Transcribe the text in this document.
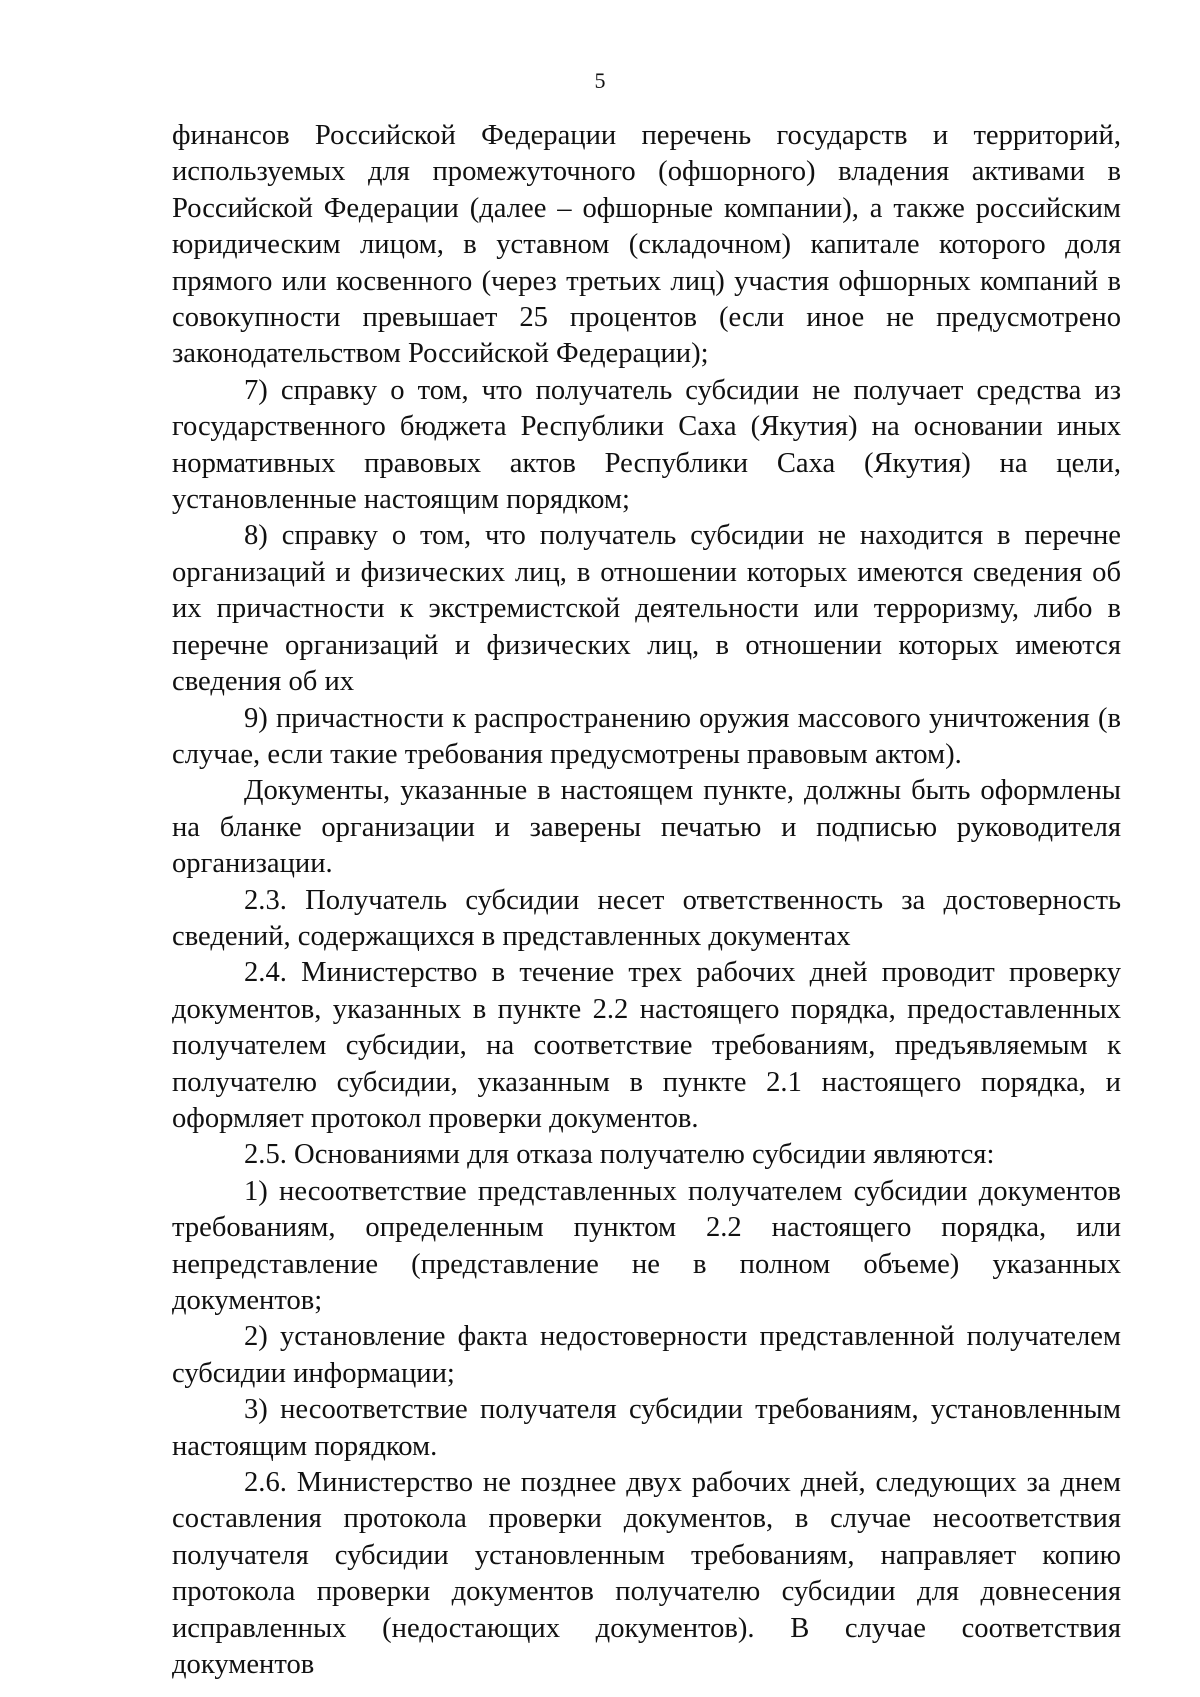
5

финансов Российской Федерации перечень государств и территорий, используемых для промежуточного (офшорного) владения активами в Российской Федерации (далее – офшорные компании), а также российским юридическим лицом, в уставном (складочном) капитале которого доля прямого или косвенного (через третьих лиц) участия офшорных компаний в совокупности превышает 25 процентов (если иное не предусмотрено законодательством Российской Федерации);

7) справку о том, что получатель субсидии не получает средства из государственного бюджета Республики Саха (Якутия) на основании иных нормативных правовых актов Республики Саха (Якутия) на цели, установленные настоящим порядком;

8) справку о том, что получатель субсидии не находится в перечне организаций и физических лиц, в отношении которых имеются сведения об их причастности к экстремистской деятельности или терроризму, либо в перечне организаций и физических лиц, в отношении которых имеются сведения об их

9) причастности к распространению оружия массового уничтожения (в случае, если такие требования предусмотрены правовым актом).

Документы, указанные в настоящем пункте, должны быть оформлены на бланке организации и заверены печатью и подписью руководителя организации.

2.3. Получатель субсидии несет ответственность за достоверность сведений, содержащихся в представленных документах

2.4. Министерство в течение трех рабочих дней проводит проверку документов, указанных в пункте 2.2 настоящего порядка, предоставленных получателем субсидии, на соответствие требованиям, предъявляемым к получателю субсидии, указанным в пункте 2.1 настоящего порядка, и оформляет протокол проверки документов.

2.5. Основаниями для отказа получателю субсидии являются:

1) несоответствие представленных получателем субсидии документов требованиям, определенным пунктом 2.2 настоящего порядка, или непредставление (представление не в полном объеме) указанных документов;

2) установление факта недостоверности представленной получателем субсидии информации;

3) несоответствие получателя субсидии требованиям, установленным настоящим порядком.

2.6. Министерство не позднее двух рабочих дней, следующих за днем составления протокола проверки документов, в случае несоответствия получателя субсидии установленным требованиям, направляет копию протокола проверки документов получателю субсидии для довнесения исправленных (недостающих документов). В случае соответствия документов
